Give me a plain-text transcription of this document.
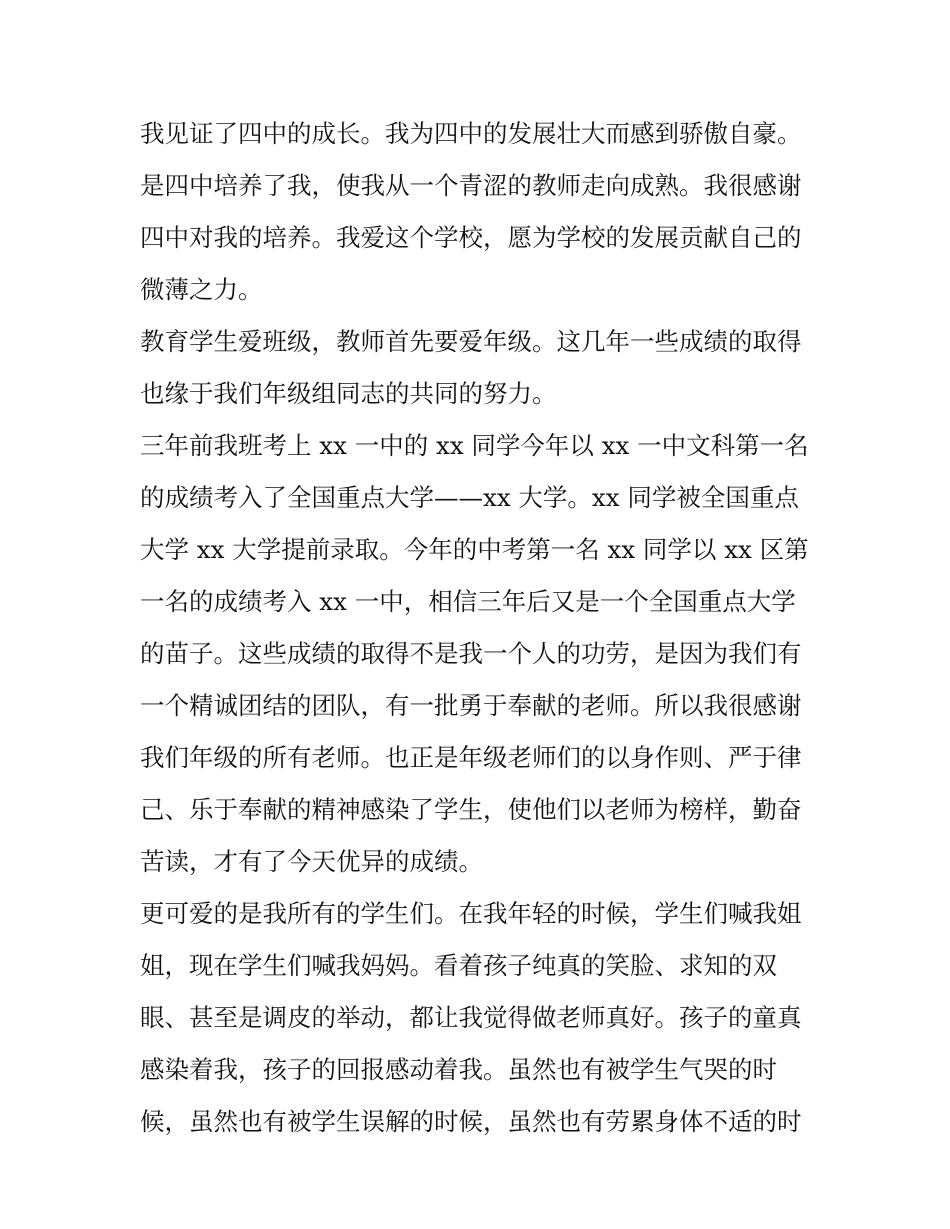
我见证了四中的成长。我为四中的发展壮大而感到骄傲自豪。
是四中培养了我，使我从一个青涩的教师走向成熟。我很感谢
四中对我的培养。我爱这个学校，愿为学校的发展贡献自己的
微薄之力。

教育学生爱班级，教师首先要爱年级。这几年一些成绩的取得
也缘于我们年级组同志的共同的努力。

三年前我班考上 xx 一中的 xx 同学今年以 xx 一中文科第一名
的成绩考入了全国重点大学——xx 大学。xx 同学被全国重点
大学 xx 大学提前录取。今年的中考第一名 xx 同学以 xx 区第
一名的成绩考入 xx 一中，相信三年后又是一个全国重点大学
的苗子。这些成绩的取得不是我一个人的功劳，是因为我们有
一个精诚团结的团队，有一批勇于奉献的老师。所以我很感谢
我们年级的所有老师。也正是年级老师们的以身作则、严于律
己、乐于奉献的精神感染了学生，使他们以老师为榜样，勤奋
苦读，才有了今天优异的成绩。

更可爱的是我所有的学生们。在我年轻的时候，学生们喊我姐
姐，现在学生们喊我妈妈。看着孩子纯真的笑脸、求知的双
眼、甚至是调皮的举动，都让我觉得做老师真好。孩子的童真
感染着我，孩子的回报感动着我。虽然也有被学生气哭的时
候，虽然也有被学生误解的时候，虽然也有劳累身体不适的时
